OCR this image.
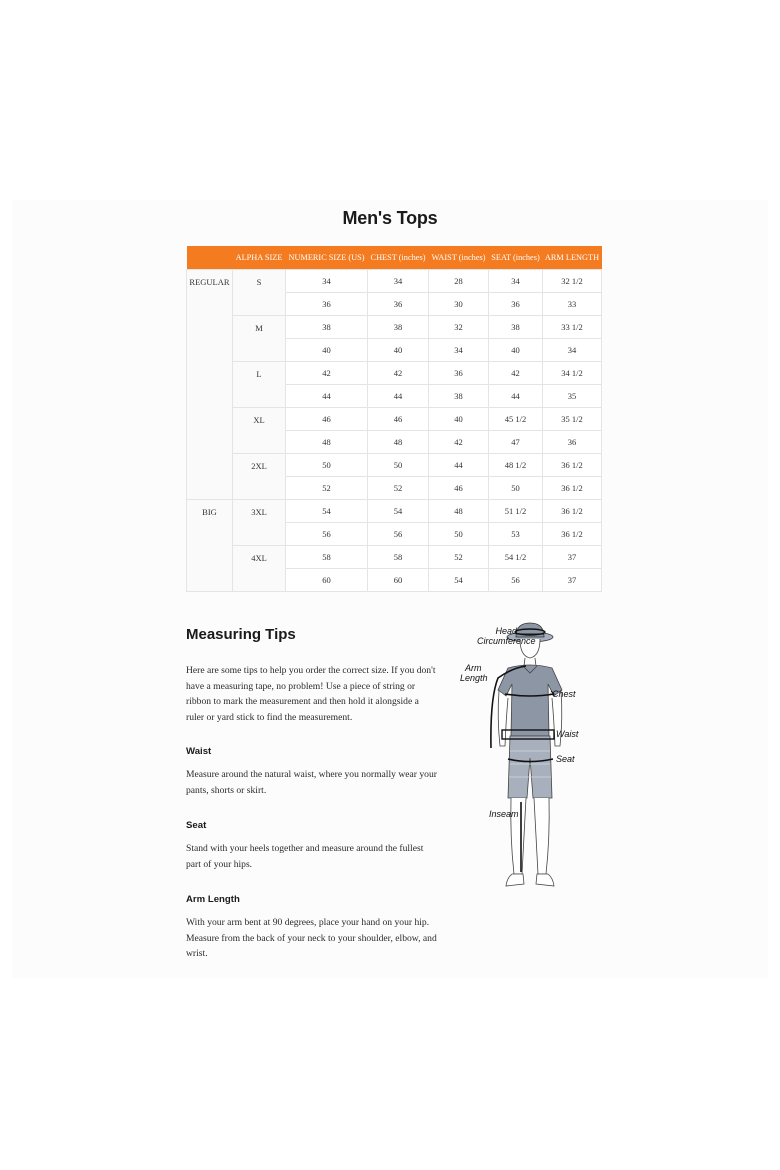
Men's Tops
	ALPHA SIZE	NUMERIC SIZE (US)	CHEST (inches)	WAIST (inches)	SEAT (inches)	ARM LENGTH
REGULAR	S	34	34	28	34	32 1/2
		36	36	30	36	33
	M	38	38	32	38	33 1/2
		40	40	34	40	34
	L	42	42	36	42	34 1/2
		44	44	38	44	35
	XL	46	46	40	45 1/2	35 1/2
		48	48	42	47	36
	2XL	50	50	44	48 1/2	36 1/2
		52	52	46	50	36 1/2
BIG	3XL	54	54	48	51 1/2	36 1/2
		56	56	50	53	36 1/2
	4XL	58	58	52	54 1/2	37
		60	60	54	56	37
Measuring Tips

Here are some tips to help you order the correct size. If you don't have a measuring tape, no problem! Use a piece of string or ribbon to mark the measurement and then hold it alongside a ruler or yard stick to find the measurement.

Waist

Measure around the natural waist, where you normally wear your pants, shorts or skirt.

Seat

Stand with your heels together and measure around the fullest part of your hips.

Arm Length

With your arm bent at 90 degrees, place your hand on your hip. Measure from the back of your neck to your shoulder, elbow, and wrist.

Head
Circumference
Arm
Length
Chest
Waist
Seat
Inseam
